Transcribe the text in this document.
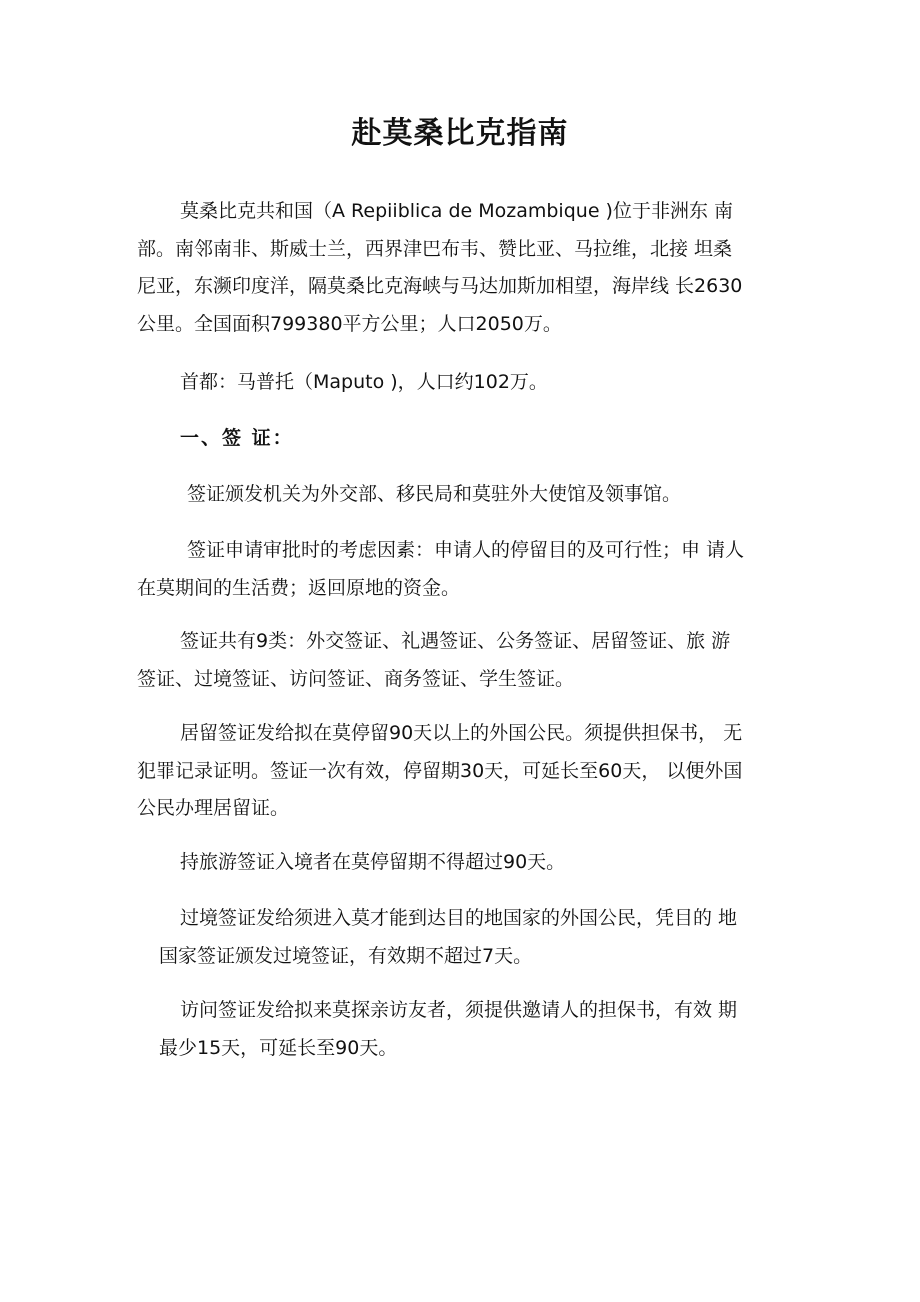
赴莫桑比克指南
莫桑比克共和国（A Repiiblica de Mozambique )位于非洲东 南
部。南邻南非、斯威士兰，西界津巴布韦、赞比亚、马拉维，北接 坦桑
尼亚，东濒印度洋，隔莫桑比克海峡与马达加斯加相望，海岸线 长2630
公里。全国面积799380平方公里；人口2050万。
首都：马普托（Maputo )，人口约102万。
一、签 证：
签证颁发机关为外交部、移民局和莫驻外大使馆及领事馆。
签证申请审批时的考虑因素：申请人的停留目的及可行性；申 请人
在莫期间的生活费；返回原地的资金。
签证共有9类：外交签证、礼遇签证、公务签证、居留签证、旅 游
签证、过境签证、访问签证、商务签证、学生签证。
居留签证发给拟在莫停留90天以上的外国公民。须提供担保书， 无
犯罪记录证明。签证一次有效，停留期30天，可延长至60天， 以便外国
公民办理居留证。
持旅游签证入境者在莫停留期不得超过90天。
过境签证发给须进入莫才能到达目的地国家的外国公民，凭目的 地
国家签证颁发过境签证，有效期不超过7天。
访问签证发给拟来莫探亲访友者，须提供邀请人的担保书，有效 期
最少15天，可延长至90天。
